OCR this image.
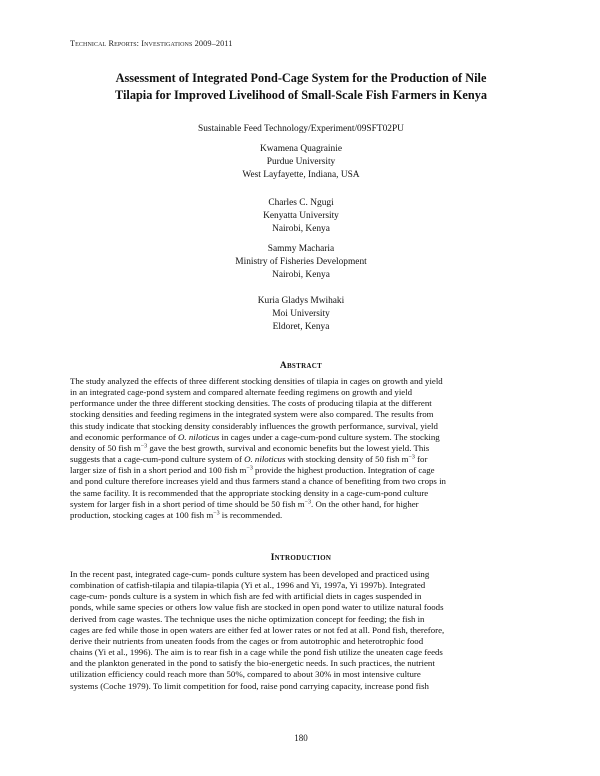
Technical Reports: Investigations 2009–2011
Assessment of Integrated Pond-Cage System for the Production of Nile
Tilapia for Improved Livelihood of Small-Scale Fish Farmers in Kenya
Sustainable Feed Technology/Experiment/09SFT02PU
Kwamena Quagrainie
Purdue University
West Layfayette, Indiana, USA
Charles C. Ngugi
Kenyatta University
Nairobi, Kenya
Sammy Macharia
Ministry of Fisheries Development
Nairobi, Kenya
Kuria Gladys Mwihaki
Moi University
Eldoret, Kenya
Abstract
The study analyzed the effects of three different stocking densities of tilapia in cages on growth and yield
in an integrated cage-pond system and compared alternate feeding regimens on growth and yield
performance under the three different stocking densities. The costs of producing tilapia at the different
stocking densities and feeding regimens in the integrated system were also compared. The results from
this study indicate that stocking density considerably influences the growth performance, survival, yield
and economic performance of O. niloticus in cages under a cage-cum-pond culture system. The stocking
density of 50 fish $m^{-3}$ gave the best growth, survival and economic benefits but the lowest yield. This
suggests that a cage-cum-pond culture system of O. niloticus with stocking density of 50 fish $m^{-3}$ for
larger size of fish in a short period and 100 fish $m^{-3}$ provide the highest production. Integration of cage
and pond culture therefore increases yield and thus farmers stand a chance of benefiting from two crops in
the same facility. It is recommended that the appropriate stocking density in a cage-cum-pond culture
system for larger fish in a short period of time should be 50 fish $m^{-3}$. On the other hand, for higher
production, stocking cages at 100 fish $m^{-3}$ is recommended.
Introduction
In the recent past, integrated cage-cum- ponds culture system has been developed and practiced using
combination of catfish-tilapia and tilapia-tilapia (Yi et al., 1996 and Yi, 1997a, Yi 1997b). Integrated
cage-cum- ponds culture is a system in which fish are fed with artificial diets in cages suspended in
ponds, while same species or others low value fish are stocked in open pond water to utilize natural foods
derived from cage wastes. The technique uses the niche optimization concept for feeding; the fish in
cages are fed while those in open waters are either fed at lower rates or not fed at all. Pond fish, therefore,
derive their nutrients from uneaten foods from the cages or from autotrophic and heterotrophic food
chains (Yi et al., 1996). The aim is to rear fish in a cage while the pond fish utilize the uneaten cage feeds
and the plankton generated in the pond to satisfy the bio-energetic needs. In such practices, the nutrient
utilization efficiency could reach more than 50%, compared to about 30% in most intensive culture
systems (Coche 1979). To limit competition for food, raise pond carrying capacity, increase pond fish
180
